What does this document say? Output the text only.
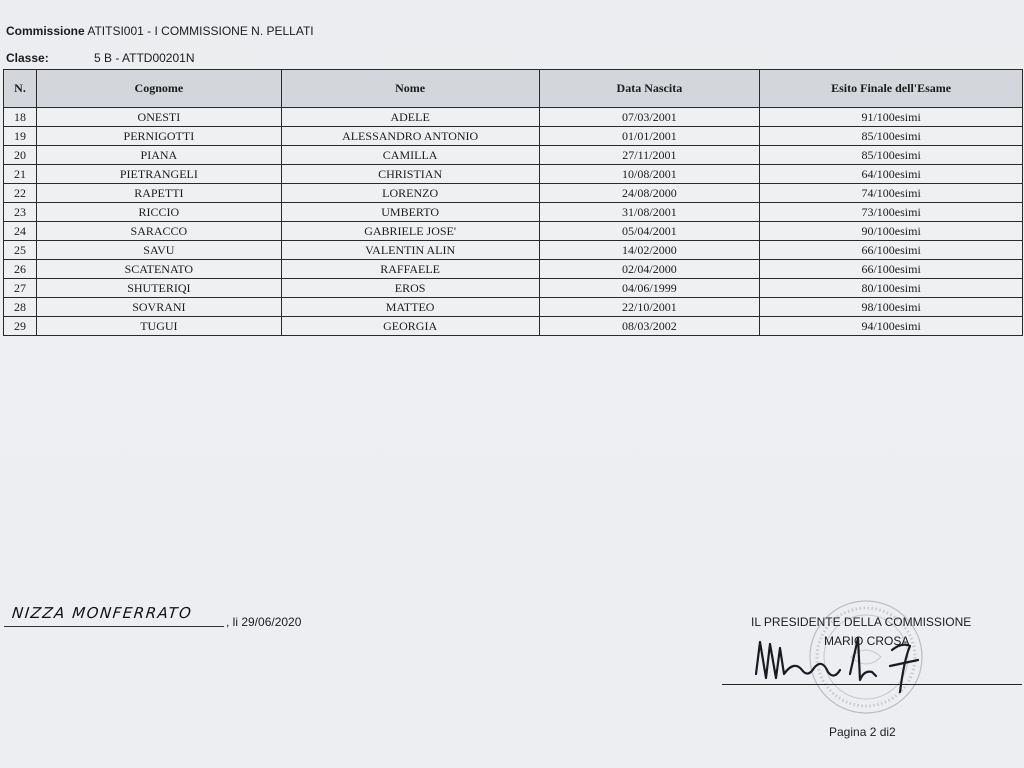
Commissione ATITSI001 - I COMMISSIONE N. PELLATI
Classe:	5 B - ATTD00201N
N.	Cognome	Nome	Data Nascita	Esito Finale dell'Esame
18	ONESTI	ADELE	07/03/2001	91/100esimi
19	PERNIGOTTI	ALESSANDRO ANTONIO	01/01/2001	85/100esimi
20	PIANA	CAMILLA	27/11/2001	85/100esimi
21	PIETRANGELI	CHRISTIAN	10/08/2001	64/100esimi
22	RAPETTI	LORENZO	24/08/2000	74/100esimi
23	RICCIO	UMBERTO	31/08/2001	73/100esimi
24	SARACCO	GABRIELE JOSE'	05/04/2001	90/100esimi
25	SAVU	VALENTIN ALIN	14/02/2000	66/100esimi
26	SCATENATO	RAFFAELE	02/04/2000	66/100esimi
27	SHUTERIQI	EROS	04/06/1999	80/100esimi
28	SOVRANI	MATTEO	22/10/2001	98/100esimi
29	TUGUI	GEORGIA	08/03/2002	94/100esimi
NIZZA MONFERRATO	, li 29/06/2020	IL PRESIDENTE DELLA COMMISSIONE
MARIO CROSA
Pagina 2 di2
